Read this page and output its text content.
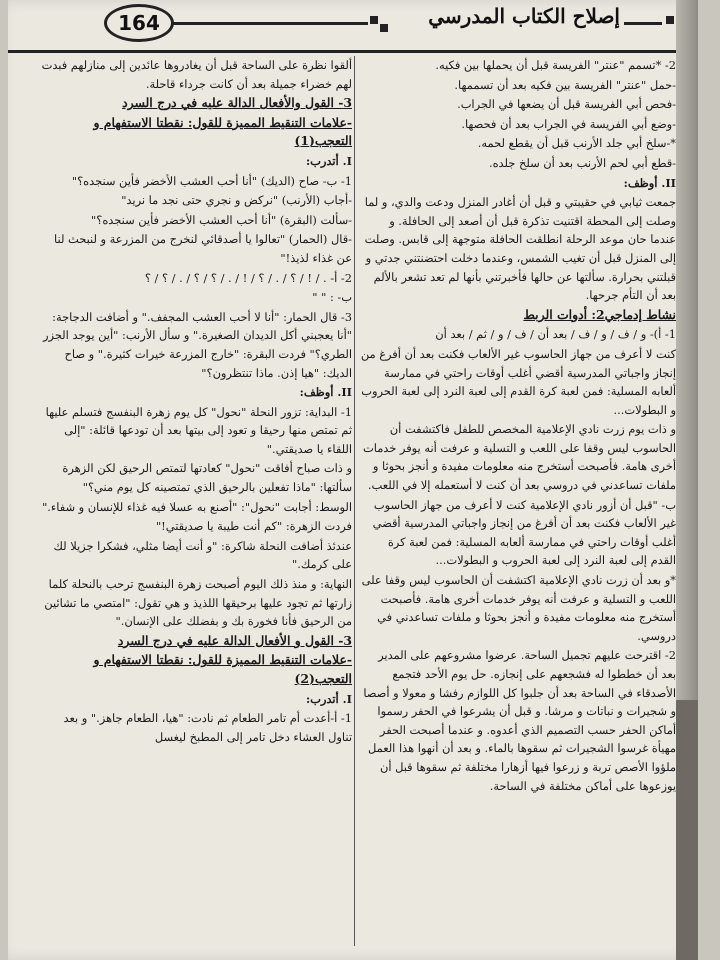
164	إصلاح الكتاب المدرسي

2- *تسمم "عنتر" الفريسة قبل أن يحملها بين فكيه.

-حمل "عنتر" الفريسة بين فكيه بعد أن تسممها.

-فحص أبي الفريسة قبل أن يضعها في الجراب.

-وضع أبي الفريسة في الجراب بعد أن فحصها.

*-سلخ أبي جلد الأرنب قبل أن يقطع لحمه.

-قطع أبي لحم الأرنب بعد أن سلخ جلده.

II. أوظف:

جمعت ثيابي في حقيبتي و قبل أن أغادر المنزل ودعت والدي، و لما وصلت إلى المحطة اقتنيت تذكرة قبل أن أصعد إلى الحافلة. و عندما حان موعد الرحلة انطلقت الحافلة متوجهة إلى قابس. وصلت إلى المنزل قبل أن تغيب الشمس، وعندما دخلت احتضنتني جدتي و قبلتني بحرارة. سألتها عن حالها فأخبرتني بأنها لم تعد تشعر بالألم بعد أن التأم جرحها.

نشاط إدماجي2: أدوات الربط

1- أ)- و / ف / و / ف / بعد أن / ف / و / ثم / بعد أن

كنت لا أعرف من جهاز الحاسوب غير الألعاب فكنت بعد أن أفرغ من إنجاز واجباتي المدرسية أقضي أغلب أوقات راحتي في ممارسة ألعابه المسلية: فمن لعبة كرة القدم إلى لعبة النرد إلى لعبة الحروب و البطولات...

و ذات يوم زرت نادي الإعلامية المخصص للطفل فاكتشفت أن الحاسوب ليس وقفا على اللعب و التسلية و عرفت أنه يوفر خدمات أخرى هامة. فأصبحت أستخرج منه معلومات مفيدة و أنجز بحوثا و ملفات تساعدني في دروسي بعد أن كنت لا أستعمله إلا في اللعب.

ب- "قبل أن أزور نادي الإعلامية كنت لا أعرف من جهاز الحاسوب غير الألعاب فكنت بعد أن أفرغ من إنجاز واجباتي المدرسية أقضي أغلب أوقات راحتي في ممارسة ألعابه المسلية: فمن لعبة كرة القدم إلى لعبة النرد إلى لعبة الحروب و البطولات...

*و بعد أن زرت نادي الإعلامية اكتشفت أن الحاسوب ليس وقفا على اللعب و التسلية و عرفت أنه يوفر خدمات أخرى هامة. فأصبحت أستخرج منه معلومات مفيدة و أنجز بحوثا و ملفات تساعدني في دروسي.

2- اقترحت عليهم تجميل الساحة. عرضوا مشروعهم على المدير بعد أن خططوا له فشجعهم على إنجازه. حل يوم الأحد فتجمع الأصدقاء في الساحة بعد أن جلبوا كل اللوازم رفشا و معولا و أصصا و شجيرات و نباتات و مرشا. و قبل أن يشرعوا في الحفر رسموا أماكن الحفر حسب التصميم الذي أعدوه. و عندما أصبحت الحفر مهيأة غرسوا الشجيرات ثم سقوها بالماء. و بعد أن أنهوا هذا العمل ملؤوا الأصص تربة و زرعوا فيها أزهارا مختلفة ثم سقوها قبل أن يوزعوها على أماكن مختلفة في الساحة.

ألقوا نظرة على الساحة قبل أن يغادروها عائدين إلى منازلهم فبدت لهم خضراء جميلة بعد أن كانت جرداء قاحلة.

3- القول والأفعال الدالة عليه في درج السرد

-علامات التنقيط المميزة للقول: نقطتا الاستفهام و التعجب(1)

I. أتدرب:

1- ب- صاح (الديك) "أنا أحب العشب الأخضر فأين سنجده؟"

-أجاب (الأرنب) "نركض و نجري حتى نجد ما نريد"

-سألت (البقرة) "أنا أحب العشب الأخضر فأين سنجده؟"

-قال (الحمار) "تعالوا يا أصدقائي لنخرج من المزرعة و لنبحث لنا عن غذاء لذيذ!"

2- أ- . / ! / ؟ / . / ؟ / ! / . / ؟ / ؟ / . / ؟ / ؟

ب- : " "

3- قال الحمار: "أنا لا أحب العشب المجفف." و أضافت الدجاجة: "أنا يعجبني أكل الديدان الصغيرة." و سأل الأرنب: "أين يوجد الجزر الطري؟" فردت البقرة: "خارج المزرعة خيرات كثيرة." و صاح الديك: "هيا إذن. ماذا تنتظرون؟"

II. أوظف:

1- البداية: تزور النحلة "نحول" كل يوم زهرة البنفسج فتسلم عليها ثم تمتص منها رحيقا و تعود إلى بيتها بعد أن تودعها قائلة: "إلى اللقاء يا صديقتي."

و ذات صباح أفاقت "نحول" كعادتها لتمتص الرحيق لكن الزهرة سألتها: "ماذا تفعلين بالرحيق الذي تمتصينه كل يوم مني؟"

الوسط: أجابت "نحول": "أصنع به عسلا فيه غذاء للإنسان و شفاء."

فردت الزهرة: "كم أنت طيبة يا صديقتي!"

عندئذ أضافت النحلة شاكرة: "و أنت أيضا مثلي، فشكرا جزيلا لك على كرمك."

النهاية: و منذ ذلك اليوم أصبحت زهرة البنفسج ترحب بالنحلة كلما زارتها ثم تجود عليها برحيقها اللذيذ و هي تقول: "امتصي ما تشائين من الرحيق فأنا فخورة بك و بفضلك على الإنسان."

3- القول و الأفعال الدالة عليه في درج السرد

-علامات التنقيط المميزة للقول: نقطتا الاستفهام و التعجب(2)

I. أتدرب:

1- أ-أعدت أم تامر الطعام ثم نادت: "هيا، الطعام جاهز." و بعد تناول العشاء دخل تامر إلى المطبخ ليغسل
